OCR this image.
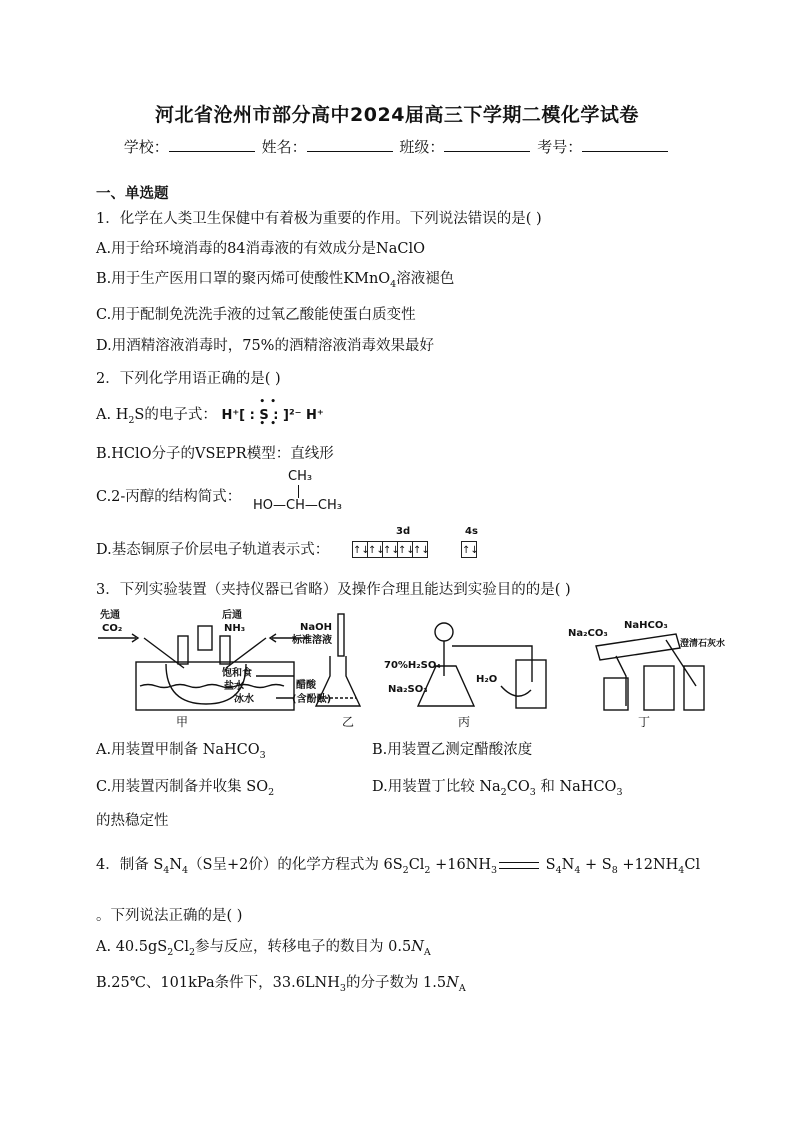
河北省沧州市部分高中2024届高三下学期二模化学试卷
学校：	姓名：	班级：	考号：
一、单选题
1．化学在人类卫生保健中有着极为重要的作用。下列说法错误的是( )
A.用于给环境消毒的84消毒液的有效成分是NaClO
B.用于生产医用口罩的聚丙烯可使酸性KMnO$_4$溶液褪色
C.用于配制免洗洗手液的过氧乙酸能使蛋白质变性
D.用酒精溶液消毒时，75%的酒精溶液消毒效果最好
2．下列化学用语正确的是( )
A. $H_2S$的电子式： H⁺[ :
• •
S
• •
: ]²⁻ H⁺
B.HClO分子的VSEPR模型：直线形
C.2-丙醇的结构简式：
CH₃
HO—CH—CH₃
D.基态铜原子价层电子轨道表示式：
3d	4s
↑↓↑↓↑↓↑↓↑↓	↑↓
3．下列实验装置（夹持仪器已省略）及操作合理且能达到实验目的的是( )
先通
CO₂
后通
NH₃
饱和食
盐水
冰水
NaOH
标准溶液
醋酸
(含酚酞)
70%H₂SO₄
Na₂SO₃
H₂O
Na₂CO₃
NaHCO₃
澄清石灰水
甲	乙	丙	丁
A.用装置甲制备 NaHCO$_3$	B.用装置乙测定醋酸浓度
C.用装置丙制备并收集 $SO_2$	D.用装置丁比较 $Na_2CO_3$ 和 NaHCO$_3$
的热稳定性
4．制备 $S_4N_4(S$呈+2价）的化学方程式为 $6S_2Cl_2 +16NH_3$	$S_4N_4 + S_8 +12NH_4Cl$
。下列说法正确的是( )
A. $40.5gS_2Cl_2$参与反应，转移电子的数目为 $0.5N_A$
B.25℃、101kPa条件下，$33.6LNH_3$的分子数为 $1.5N_A$
